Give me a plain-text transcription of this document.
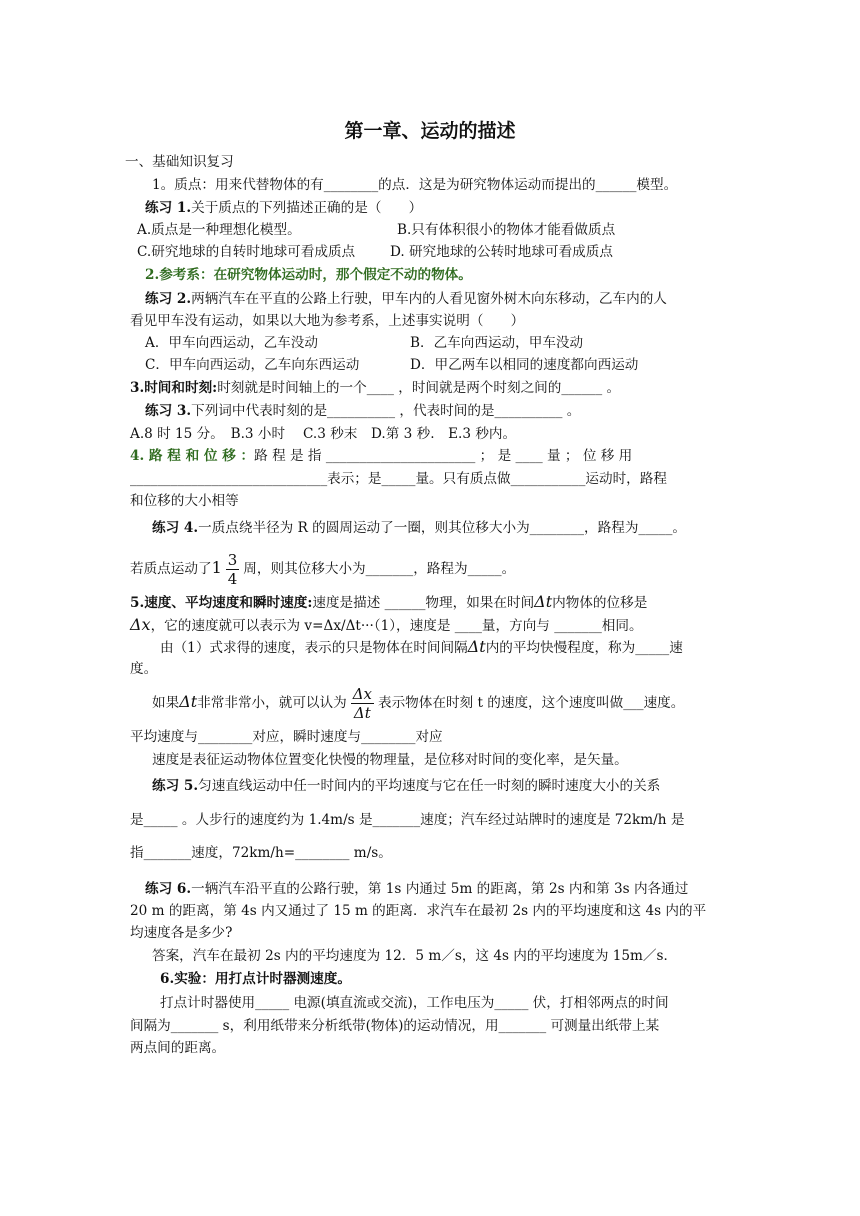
第一章、运动的描述
一、基础知识复习
1。质点：用来代替物体的有________的点．这是为研究物体运动而提出的______模型。
练习 1.关于质点的下列描述正确的是（　　）
A.质点是一种理想化模型。	B.只有体积很小的物体才能看做质点
C.研究地球的自转时地球可看成质点	D. 研究地球的公转时地球可看成质点
2.参考系：在研究物体运动时，那个假定不动的物体。
练习 2.两辆汽车在平直的公路上行驶，甲车内的人看见窗外树木向东移动，乙车内的人
看见甲车没有运动，如果以大地为参考系，上述事实说明（　　）
A．甲车向西运动，乙车没动	B．乙车向西运动，甲车没动
C．甲车向西运动，乙车向东西运动	D．甲乙两车以相同的速度都向西运动
3.时间和时刻:时刻就是时间轴上的一个____ ，时间就是两个时刻之间的______ 。
练习 3.下列词中代表时刻的是__________ ，代表时间的是__________ 。
A.8 时 15 分。　B.3 小时　 C.3 秒末　D.第 3 秒.　E.3 秒内。
4. 路 程 和 位 移 ：路 程 是 指 ______________________ ； 是 ____ 量 ； 位 移 用
_____________________________表示；是_____量。只有质点做___________运动时，路程
和位移的大小相等
练习 4.一质点绕半径为 R 的圆周运动了一圈，则其位移大小为________，路程为_____。
若质点运动了$1 \frac{3}{4}$ 周，则其位移大小为_______，路程为_____。
5.速度、平均速度和瞬时速度:速度是描述 ______物理，如果在时间Δt内物体的位移是
Δx，它的速度就可以表示为 v=Δx/Δt···（1），速度是 ____量，方向与 _______相同。
由（1）式求得的速度，表示的只是物体在时间间隔Δt内的平均快慢程度，称为_____速
度。
如果Δt非常非常小，就可以认为 $\frac{\Delta x}{\Delta t}$ 表示物体在时刻 t 的速度，这个速度叫做___速度。
平均速度与________对应，瞬时速度与________对应
速度是表征运动物体位置变化快慢的物理量，是位移对时间的变化率，是矢量。
练习 5.匀速直线运动中任一时间内的平均速度与它在任一时刻的瞬时速度大小的关系
是_____ 。人步行的速度约为 1.4m/s 是_______速度；汽车经过站牌时的速度是 72km/h 是
指_______速度，72km/h=________ m/s。
练习 6.一辆汽车沿平直的公路行驶，第 1s 内通过 5m 的距离，第 2s 内和第 3s 内各通过
20 m 的距离，第 4s 内又通过了 15 m 的距离．求汽车在最初 2s 内的平均速度和这 4s 内的平
均速度各是多少?
答案，汽车在最初 2s 内的平均速度为 12．5 m／s，这 4s 内的平均速度为 15m／s．
6.实验：用打点计时器测速度。
打点计时器使用_____ 电源(填直流或交流)，工作电压为_____ 伏，打相邻两点的时间
间隔为_______ s，利用纸带来分析纸带(物体)的运动情况，用_______ 可测量出纸带上某
两点间的距离。
